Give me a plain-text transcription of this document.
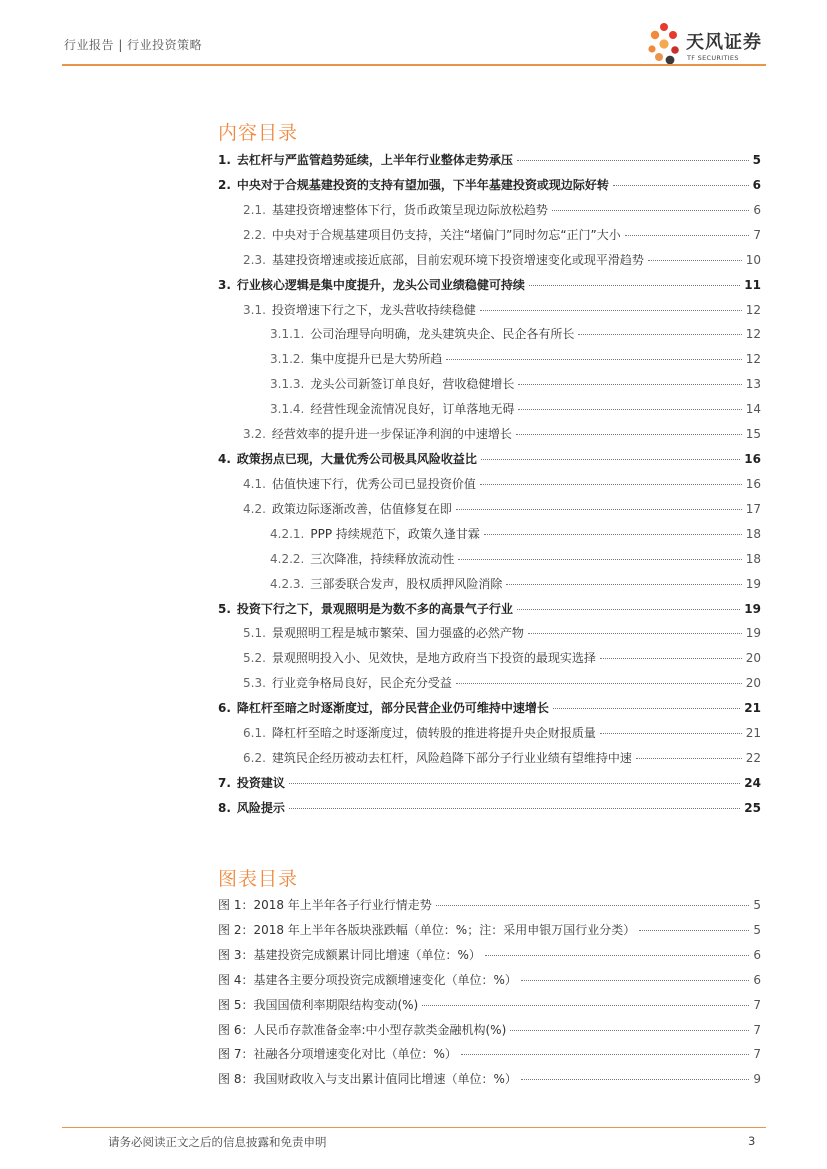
行业报告 | 行业投资策略	天风证券
TF SECURITIES
内容目录
1. 去杠杆与严监管趋势延续，上半年行业整体走势承压	5
2. 中央对于合规基建投资的支持有望加强，下半年基建投资或现边际好转	6
2.1. 基建投资增速整体下行，货币政策呈现边际放松趋势	6
2.2. 中央对于合规基建项目仍支持，关注“堵偏门”同时勿忘“正门”大小	7
2.3. 基建投资增速或接近底部，目前宏观环境下投资增速变化或现平滑趋势	10
3. 行业核心逻辑是集中度提升，龙头公司业绩稳健可持续	11
3.1. 投资增速下行之下，龙头营收持续稳健	12
3.1.1. 公司治理导向明确，龙头建筑央企、民企各有所长	12
3.1.2. 集中度提升已是大势所趋	12
3.1.3. 龙头公司新签订单良好，营收稳健增长	13
3.1.4. 经营性现金流情况良好，订单落地无碍	14
3.2. 经营效率的提升进一步保证净利润的中速增长	15
4. 政策拐点已现，大量优秀公司极具风险收益比	16
4.1. 估值快速下行，优秀公司已显投资价值	16
4.2. 政策边际逐渐改善，估值修复在即	17
4.2.1. PPP 持续规范下，政策久逢甘霖	18
4.2.2. 三次降准，持续释放流动性	18
4.2.3. 三部委联合发声，股权质押风险消除	19
5. 投资下行之下，景观照明是为数不多的高景气子行业	19
5.1. 景观照明工程是城市繁荣、国力强盛的必然产物	19
5.2. 景观照明投入小、见效快，是地方政府当下投资的最现实选择	20
5.3. 行业竞争格局良好，民企充分受益	20
6. 降杠杆至暗之时逐渐度过，部分民营企业仍可维持中速增长	21
6.1. 降杠杆至暗之时逐渐度过，债转股的推进将提升央企财报质量	21
6.2. 建筑民企经历被动去杠杆，风险趋降下部分子行业业绩有望维持中速	22
7. 投资建议	24
8. 风险提示	25
图表目录
图 1：2018 年上半年各子行业行情走势	5
图 2：2018 年上半年各版块涨跌幅（单位：%；注：采用申银万国行业分类）	5
图 3：基建投资完成额累计同比增速（单位：%）	6
图 4：基建各主要分项投资完成额增速变化（单位：%）	6
图 5：我国国债利率期限结构变动(%)	7
图 6：人民币存款准备金率:中小型存款类金融机构(%)	7
图 7：社融各分项增速变化对比（单位：%）	7
图 8：我国财政收入与支出累计值同比增速（单位：%）	9
请务必阅读正文之后的信息披露和免责申明	3
